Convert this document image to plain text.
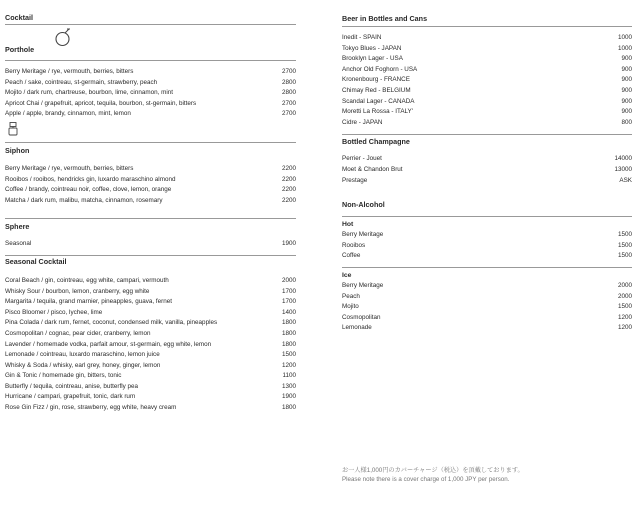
Cocktail
Porthole
Berry Meritage / rye, vermouth, berries, bitters	2700
Peach / sake, cointreau, st-germain, strawberry, peach	2800
Mojito / dark rum, chartreuse, bourbon, lime, cinnamon, mint	2800
Apricot Chai / grapefruit, apricot, tequila, bourbon, st-germain, bitters	2700
Apple / apple, brandy, cinnamon, mint, lemon	2700
Siphon
Berry Meritage / rye, vermouth, berries, bitters	2200
Rooibos / rooibos, hendricks gin, luxardo maraschino almond	2200
Coffee / brandy, cointreau noir, coffee, clove, lemon, orange	2200
Matcha / dark rum, malibu, matcha, cinnamon, rosemary	2200
Sphere
Seasonal	1900
Seasonal Cocktail
Coral Beach / gin, cointreau, egg white, campari, vermouth	2000
Whisky Sour / bourbon, lemon, cranberry, egg white	1700
Margarita / tequila, grand marnier, pineapples, guava, fernet	1700
Pisco Bloomer / pisco, lychee, lime	1400
Pina Colada / dark rum, fernet, coconut, condensed milk, vanilla, pineapples	1800
Cosmopolitan / cognac, pear cider, cranberry, lemon	1800
Lavender / homemade vodka, parfait amour, st-germain, egg white, lemon	1800
Lemonade / cointreau, luxardo maraschino, lemon juice	1500
Whisky & Soda / whisky, earl grey, honey, ginger, lemon	1200
Gin & Tonic / homemade gin, bitters, tonic	1100
Butterfly / tequila, cointreau, anise, butterfly pea	1300
Hurricane / campari, grapefruit, tonic, dark rum	1900
Rose Gin Fizz / gin, rose, strawberry, egg white, heavy cream	1800
Beer in Bottles and Cans
Inedit - SPAIN	1000
Tokyo Blues - JAPAN	1000
Brooklyn Lager - USA	900
Anchor Old Foghorn - USA	900
Kronenbourg - FRANCE	900
Chimay Red - BELGIUM	900
Scandal Lager - CANADA	900
Moretti La Rossa - ITALY'	900
Cidre - JAPAN	800
Bottled Champagne
Perrier - Jouet	14000
Moet & Chandon Brut	13000
Prestage	ASK
Non-Alcohol
Hot
Berry Meritage	1500
Rooibos	1500
Coffee	1500
Ice
Berry Meritage	2000
Peach	2000
Mojito	1500
Cosmopolitan	1200
Lemonade	1200
お一人様1,000円のカバーチャージ（税込）を頂戴しております。
Please note there is a cover charge of 1,000 JPY per person.
